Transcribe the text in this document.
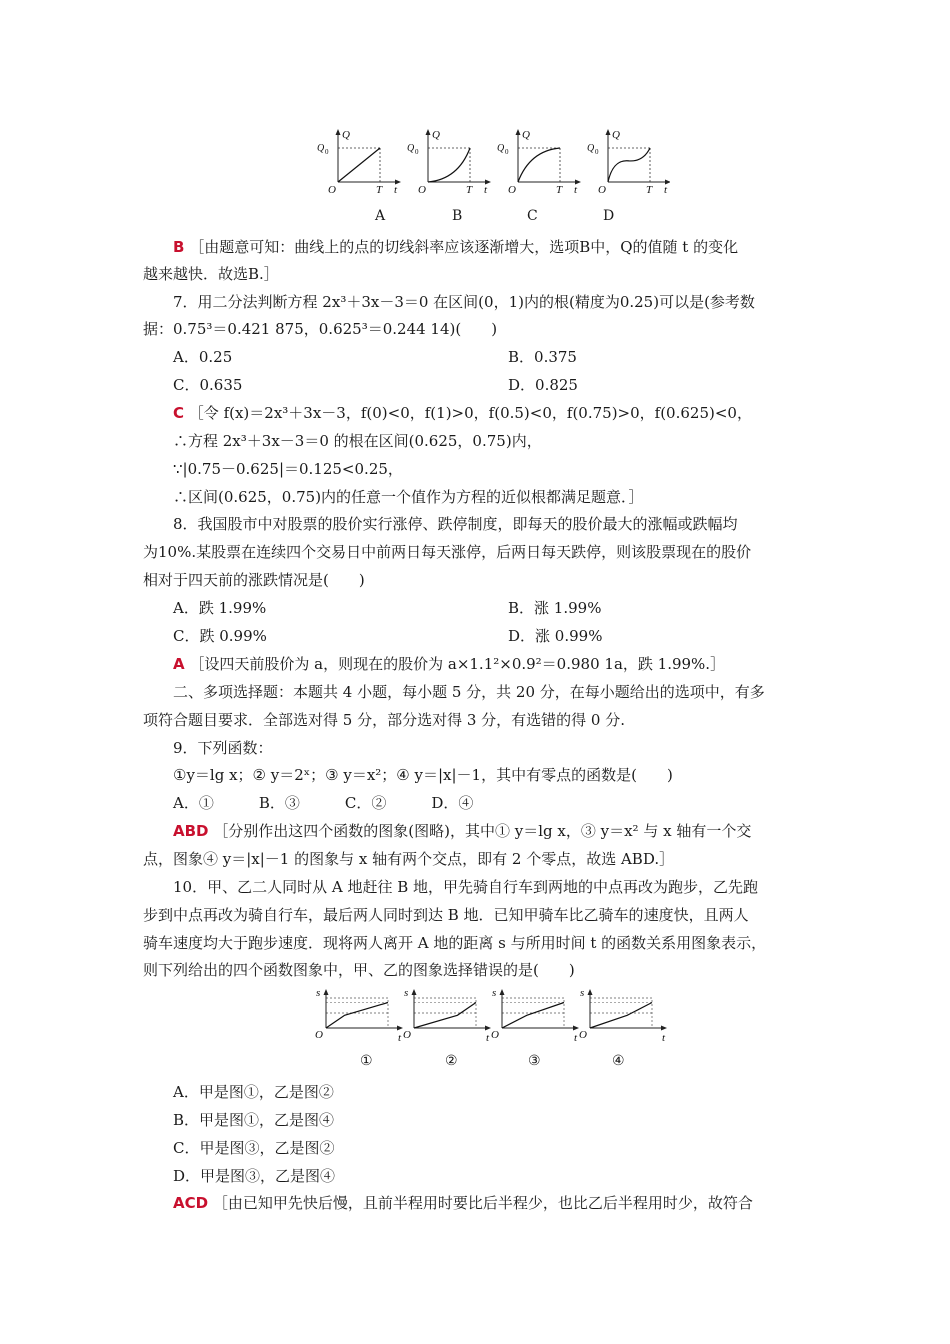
Q
Q 0
O	T t
Q
Q 0
O	T t
Q
Q 0
O	T t
Q
Q 0
O	T t
A	B	C	D
B ［由题意可知：曲线上的点的切线斜率应该逐渐增大，选项B中，Q的值随 t 的变化
越来越快．故选B.］
7．用二分法判断方程 2x³＋3x－3＝0 在区间(0，1)内的根(精度为0.25)可以是(参考数
据：0.75³＝0.421 875，0.625³＝0.244 14)(　　)
A．0.25	B．0.375
C．0.635	D．0.825
C ［令 f(x)＝2x³＋3x－3，f(0)<0，f(1)>0，f(0.5)<0，f(0.75)>0，f(0.625)<0，
∴方程 2x³＋3x－3＝0 的根在区间(0.625，0.75)内，
∵|0.75－0.625|＝0.125<0.25，
∴区间(0.625，0.75)内的任意一个值作为方程的近似根都满足题意．］
8．我国股市中对股票的股价实行涨停、跌停制度，即每天的股价最大的涨幅或跌幅均
为10%.某股票在连续四个交易日中前两日每天涨停，后两日每天跌停，则该股票现在的股价
相对于四天前的涨跌情况是(　　)
A．跌 1.99%	B．涨 1.99%
C．跌 0.99%	D．涨 0.99%
A ［设四天前股价为 a，则现在的股价为 a×1.1²×0.9²＝0.980 1a，跌 1.99%.］
二、多项选择题：本题共 4 小题，每小题 5 分，共 20 分，在每小题给出的选项中，有多
项符合题目要求．全部选对得 5 分，部分选对得 3 分，有选错的得 0 分.
9．下列函数：
①y＝lg x；② y＝2ˣ；③ y＝x²；④ y＝|x|－1，其中有零点的函数是(　　)
A．①　　　B．③　　　C．②　　　D．④
ABD ［分别作出这四个函数的图象(图略)，其中① y＝lg x，③ y＝x² 与 x 轴有一个交
点，图象④ y＝|x|－1 的图象与 x 轴有两个交点，即有 2 个零点，故选 ABD.］
10．甲、乙二人同时从 A 地赶往 B 地，甲先骑自行车到两地的中点再改为跑步，乙先跑
步到中点再改为骑自行车，最后两人同时到达 B 地．已知甲骑车比乙骑车的速度快，且两人
骑车速度均大于跑步速度．现将两人离开 A 地的距离 s 与所用时间 t 的函数关系用图象表示，
则下列给出的四个函数图象中，甲、乙的图象选择错误的是(　　)
s
O	t
s
O	t
s
O	t
s
O	t
①	②	③	④
A．甲是图①，乙是图②
B．甲是图①，乙是图④
C．甲是图③，乙是图②
D．甲是图③，乙是图④
ACD ［由已知甲先快后慢，且前半程用时要比后半程少，也比乙后半程用时少，故符合
